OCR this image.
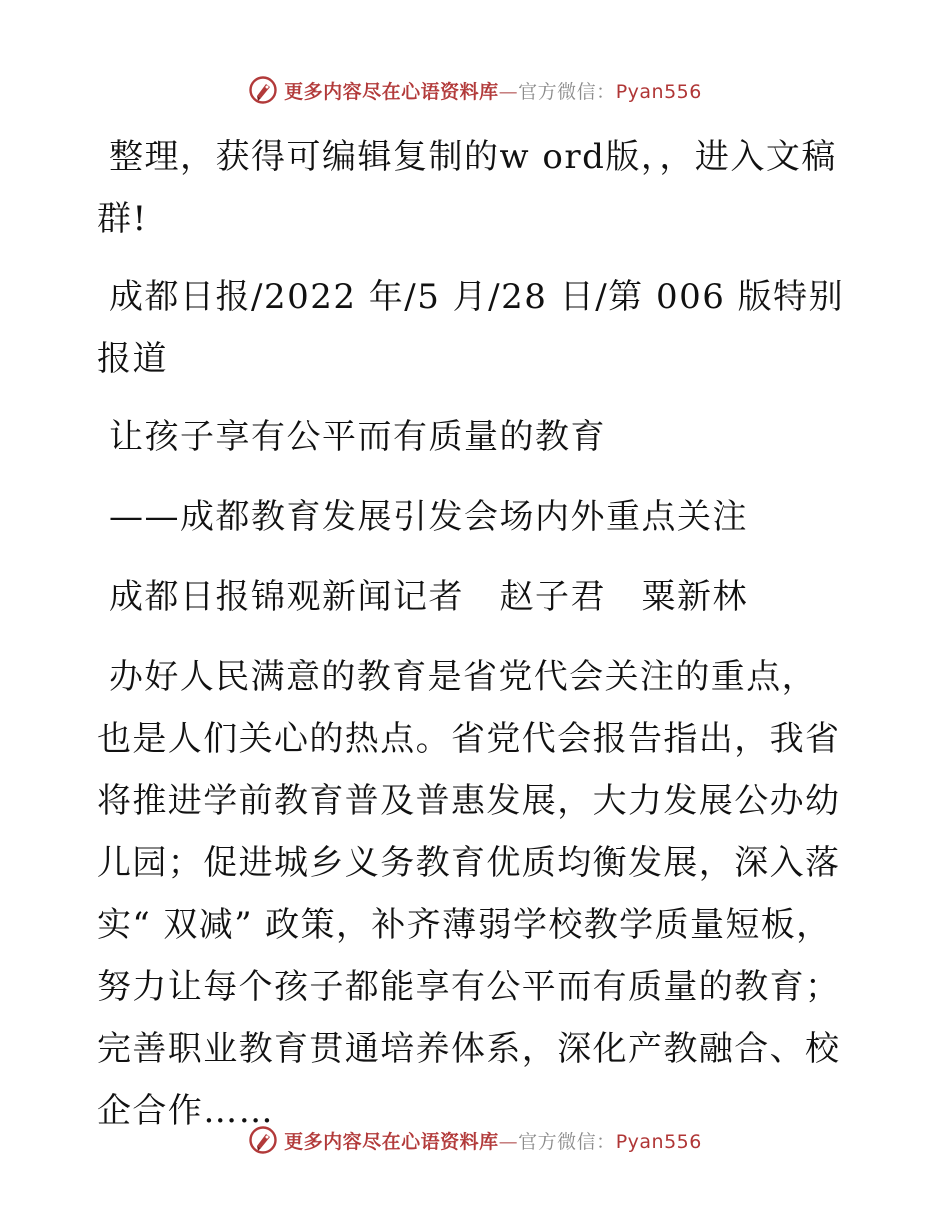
更多内容尽在心语资料库—官方微信：Pyan556

整理，获得可编辑复制的w ord版，，进入文稿群!

成都日报/2022 年/5 月/28 日/第 006 版特别报道

让孩子享有公平而有质量的教育

——成都教育发展引发会场内外重点关注

成都日报锦观新闻记者　赵子君　粟新林

办好人民满意的教育是省党代会关注的重点，也是人们关心的热点。省党代会报告指出，我省将推进学前教育普及普惠发展，大力发展公办幼儿园；促进城乡义务教育优质均衡发展，深入落实“ 双减” 政策，补齐薄弱学校教学质量短板，努力让每个孩子都能享有公平而有质量的教育；完善职业教育贯通培养体系，深化产教融合、校企合作……

更多内容尽在心语资料库—官方微信：Pyan556
